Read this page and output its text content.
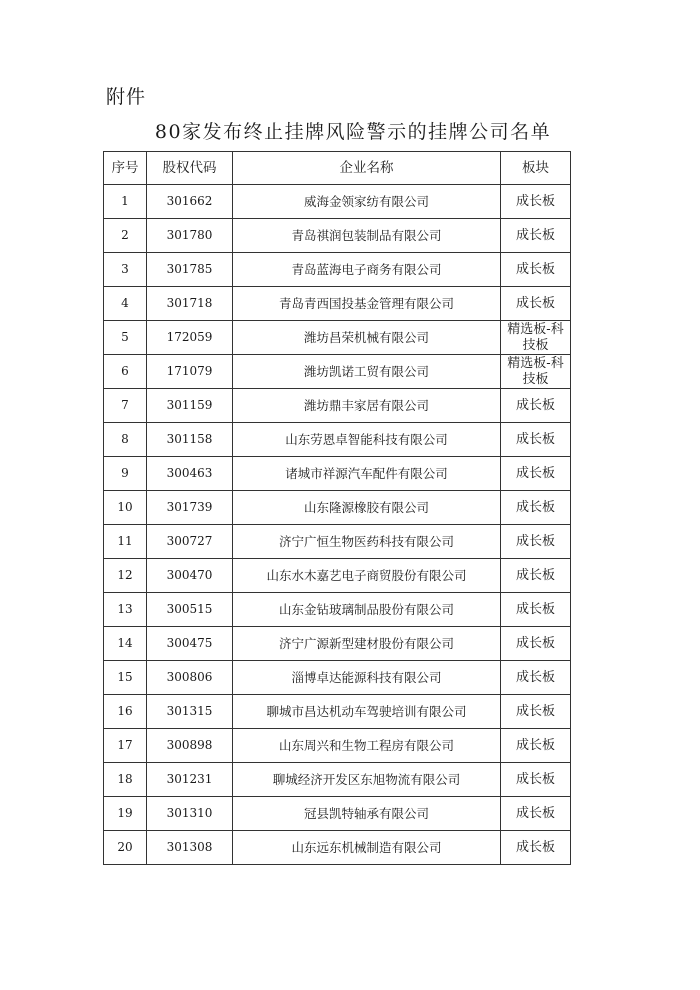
附件
80家发布终止挂牌风险警示的挂牌公司名单
序号	股权代码	企业名称	板块
1	301662	威海金领家纺有限公司	成长板
2	301780	青岛祺润包装制品有限公司	成长板
3	301785	青岛蓝海电子商务有限公司	成长板
4	301718	青岛青西国投基金管理有限公司	成长板
5	172059	潍坊昌荣机械有限公司	精选板-科技板
6	171079	潍坊凯诺工贸有限公司	精选板-科技板
7	301159	潍坊鼎丰家居有限公司	成长板
8	301158	山东劳恩卓智能科技有限公司	成长板
9	300463	诸城市祥源汽车配件有限公司	成长板
10	301739	山东隆源橡胶有限公司	成长板
11	300727	济宁广恒生物医药科技有限公司	成长板
12	300470	山东水木嘉艺电子商贸股份有限公司	成长板
13	300515	山东金钻玻璃制品股份有限公司	成长板
14	300475	济宁广源新型建材股份有限公司	成长板
15	300806	淄博卓达能源科技有限公司	成长板
16	301315	聊城市昌达机动车驾驶培训有限公司	成长板
17	300898	山东周兴和生物工程房有限公司	成长板
18	301231	聊城经济开发区东旭物流有限公司	成长板
19	301310	冠县凯特轴承有限公司	成长板
20	301308	山东远东机械制造有限公司	成长板
